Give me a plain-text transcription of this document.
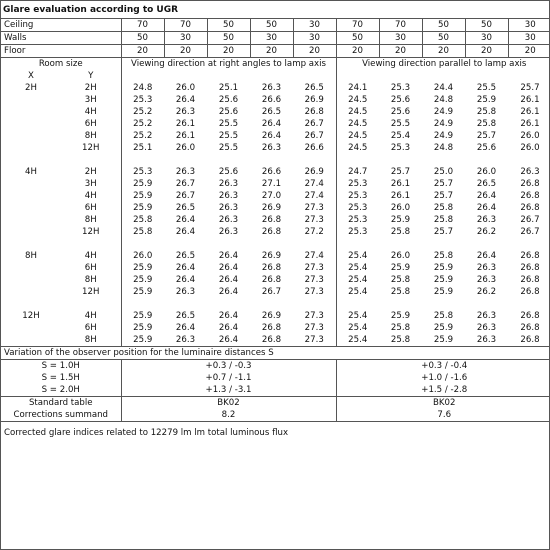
Glare evaluation according to UGR											
Ceiling		70	70	50	50	30	70	70	50	50	30
Walls		50	30	50	30	30	50	30	50	30	30
Floor		20	20	20	20	20	20	20	20	20	20
Room size		Viewing direction at right angles to lamp axis					Viewing direction parallel to lamp axis				
X	Y										
2H	2H	24.8	26.0	25.1	26.3	26.5	24.1	25.3	24.4	25.5	25.7
	3H	25.3	26.4	25.6	26.6	26.9	24.5	25.6	24.8	25.9	26.1
	4H	25.2	26.3	25.6	26.5	26.8	24.5	25.6	24.9	25.8	26.1
	6H	25.2	26.1	25.5	26.4	26.7	24.5	25.5	24.9	25.8	26.1
	8H	25.2	26.1	25.5	26.4	26.7	24.5	25.4	24.9	25.7	26.0
	12H	25.1	26.0	25.5	26.3	26.6	24.5	25.3	24.8	25.6	26.0

4H	2H	25.3	26.3	25.6	26.6	26.9	24.7	25.7	25.0	26.0	26.3
	3H	25.9	26.7	26.3	27.1	27.4	25.3	26.1	25.7	26.5	26.8
	4H	25.9	26.7	26.3	27.0	27.4	25.3	26.1	25.7	26.4	26.8
	6H	25.9	26.5	26.3	26.9	27.3	25.3	26.0	25.8	26.4	26.8
	8H	25.8	26.4	26.3	26.8	27.3	25.3	25.9	25.8	26.3	26.7
	12H	25.8	26.4	26.3	26.8	27.2	25.3	25.8	25.7	26.2	26.7

8H	4H	26.0	26.5	26.4	26.9	27.4	25.4	26.0	25.8	26.4	26.8
	6H	25.9	26.4	26.4	26.8	27.3	25.4	25.9	25.9	26.3	26.8
	8H	25.9	26.4	26.4	26.8	27.3	25.4	25.8	25.9	26.3	26.8
	12H	25.9	26.3	26.4	26.7	27.3	25.4	25.8	25.9	26.2	26.8

12H	4H	25.9	26.5	26.4	26.9	27.3	25.4	25.9	25.8	26.3	26.8
	6H	25.9	26.4	26.4	26.8	27.3	25.4	25.8	25.9	26.3	26.8
	8H	25.9	26.3	26.4	26.8	27.3	25.4	25.8	25.9	26.3	26.8
Variation of the observer position for the luminaire distances S											
S = 1.0H		+0.3 / -0.3					+0.3 / -0.4				
S = 1.5H		+0.7 / -1.1					+1.0 / -1.6				
S = 2.0H		+1.3 / -3.1					+1.5 / -2.8				
Standard table		BK02					BK02				
Corrections summand		8.2					7.6				

Corrected glare indices related to 12279 lm lm total luminous flux
